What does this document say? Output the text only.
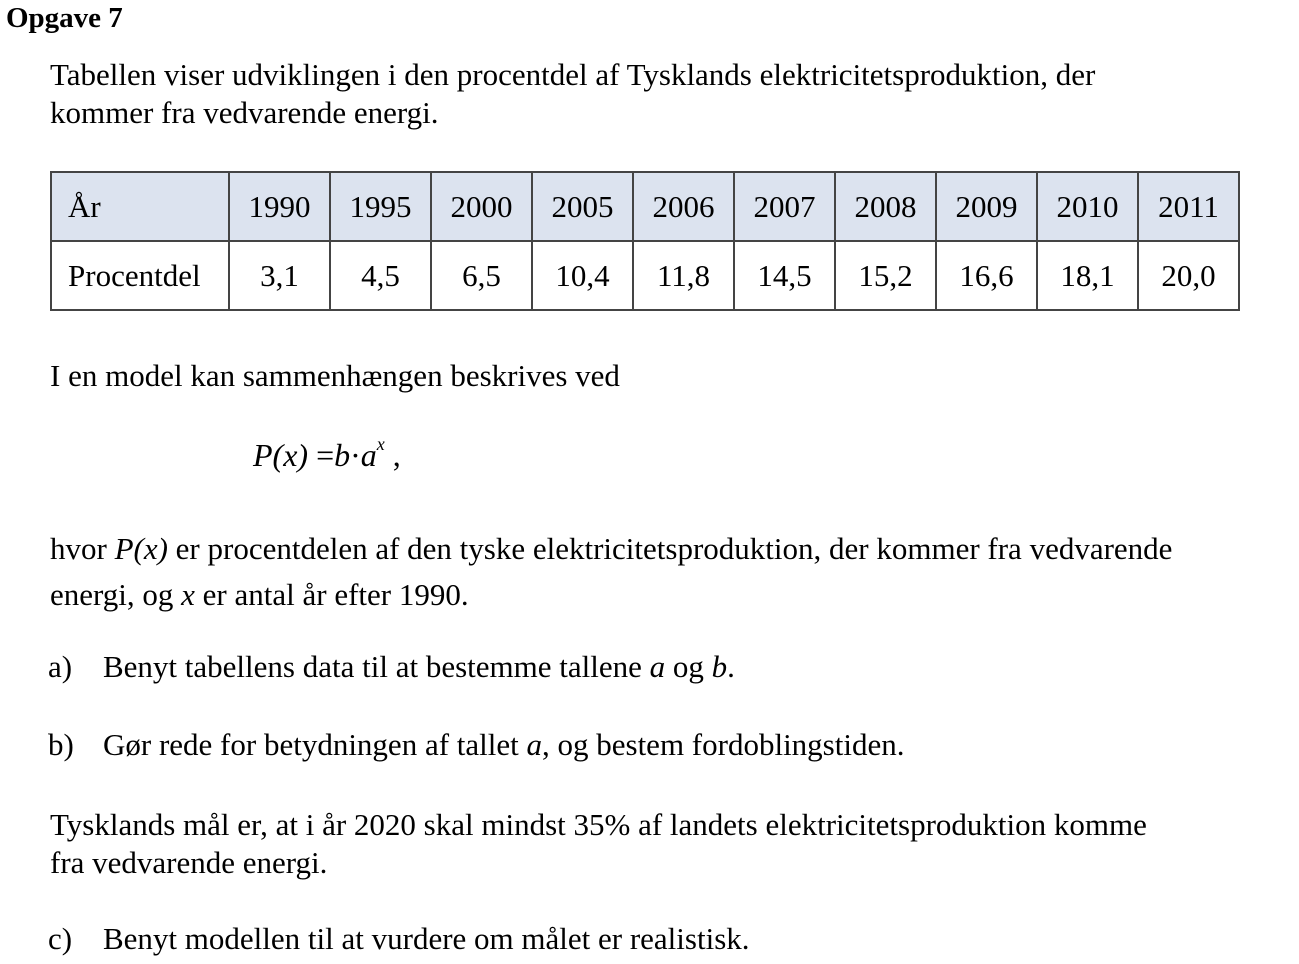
Opgave 7
Tabellen viser udviklingen i den procentdel af Tysklands elektricitetsproduktion, der
kommer fra vedvarende energi.
År	1990	1995	2000	2005	2006	2007	2008	2009	2010	2011
Procentdel	3,1	4,5	6,5	10,4	11,8	14,5	15,2	16,6	18,1	20,0
I en model kan sammenhængen beskrives ved
$P(x) =b\cdot a^x$ ,
hvor P(x) er procentdelen af den tyske elektricitetsproduktion, der kommer fra vedvarende
energi, og x er antal år efter 1990.
a) Benyt tabellens data til at bestemme tallene a og b.
b) Gør rede for betydningen af tallet a, og bestem fordoblingstiden.
Tysklands mål er, at i år 2020 skal mindst 35% af landets elektricitetsproduktion komme
fra vedvarende energi.
c) Benyt modellen til at vurdere om målet er realistisk.
